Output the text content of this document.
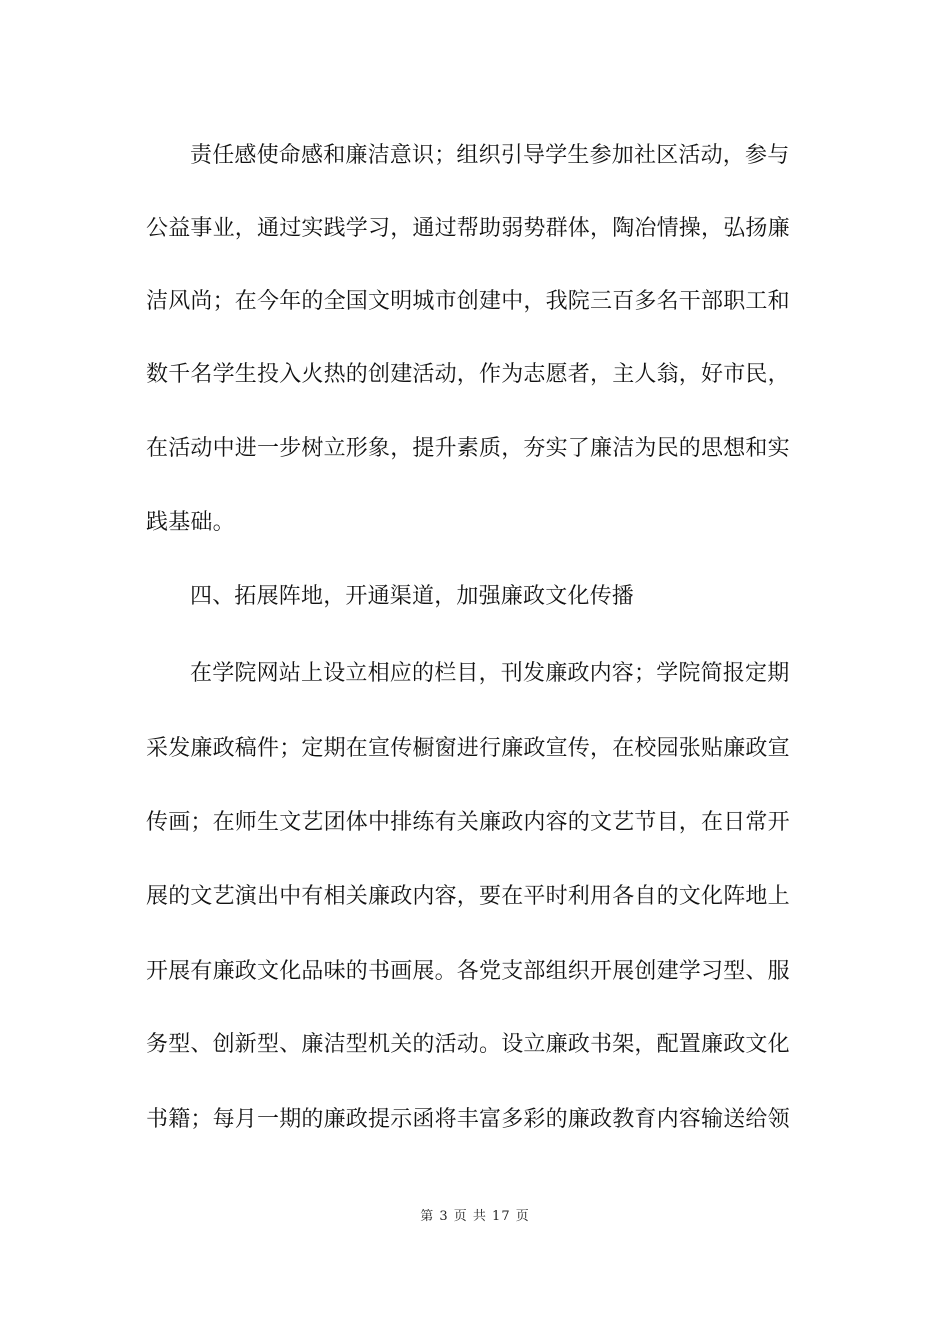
责任感使命感和廉洁意识；组织引导学生参加社区活动，参与
公益事业，通过实践学习，通过帮助弱势群体，陶冶情操，弘扬廉
洁风尚；在今年的全国文明城市创建中，我院三百多名干部职工和
数千名学生投入火热的创建活动，作为志愿者，主人翁，好市民，
在活动中进一步树立形象，提升素质，夯实了廉洁为民的思想和实
践基础。
四、拓展阵地，开通渠道，加强廉政文化传播
在学院网站上设立相应的栏目，刊发廉政内容；学院简报定期
采发廉政稿件；定期在宣传橱窗进行廉政宣传，在校园张贴廉政宣
传画；在师生文艺团体中排练有关廉政内容的文艺节目，在日常开
展的文艺演出中有相关廉政内容，要在平时利用各自的文化阵地上
开展有廉政文化品味的书画展。各党支部组织开展创建学习型、服
务型、创新型、廉洁型机关的活动。设立廉政书架，配置廉政文化
书籍；每月一期的廉政提示函将丰富多彩的廉政教育内容输送给领
第 3 页 共 17 页
